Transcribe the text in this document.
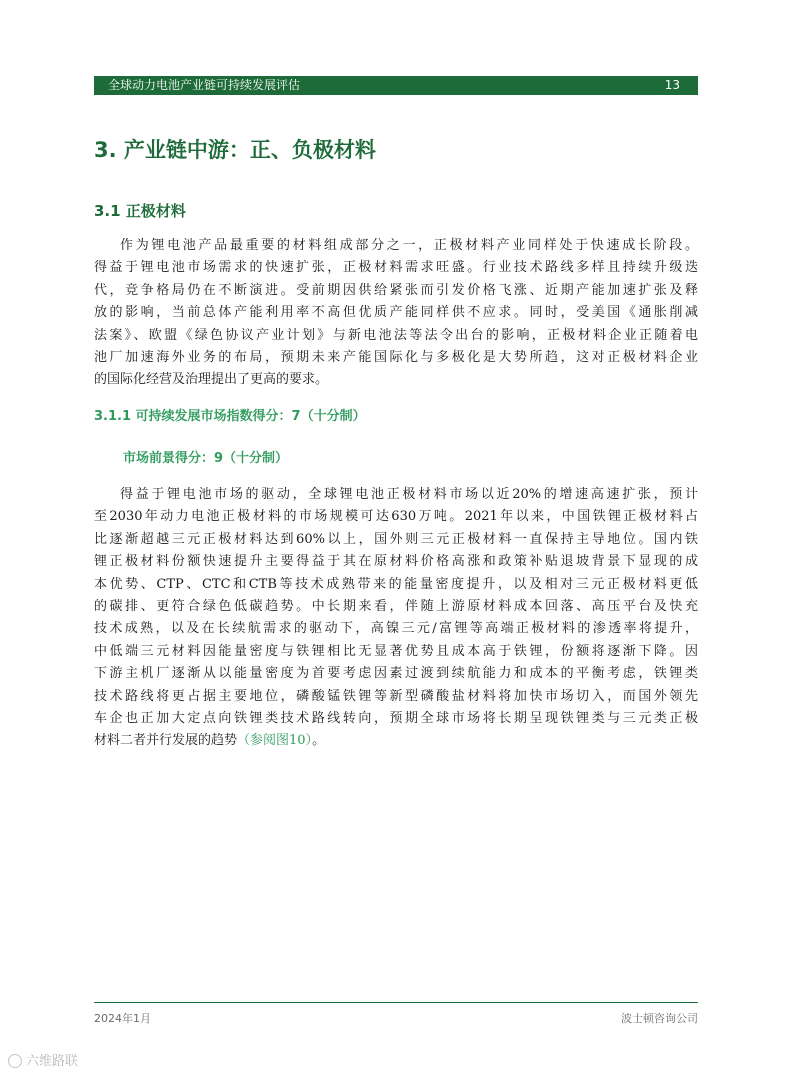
全球动力电池产业链可持续发展评估	13
3. 产业链中游：正、负极材料
3.1 正极材料
作为锂电池产品最重要的材料组成部分之一，正极材料产业同样处于快速成长阶段。
得益于锂电池市场需求的快速扩张，正极材料需求旺盛。行业技术路线多样且持续升级迭
代，竞争格局仍在不断演进。受前期因供给紧张而引发价格飞涨、近期产能加速扩张及释
放的影响，当前总体产能利用率不高但优质产能同样供不应求。同时，受美国《通胀削减
法案》、欧盟《绿色协议产业计划》与新电池法等法令出台的影响，正极材料企业正随着电
池厂加速海外业务的布局，预期未来产能国际化与多极化是大势所趋，这对正极材料企业
的国际化经营及治理提出了更高的要求。
3.1.1 可持续发展市场指数得分：7（十分制）
市场前景得分：9（十分制）
得益于锂电池市场的驱动，全球锂电池正极材料市场以近20%的增速高速扩张，预计
至2030年动力电池正极材料的市场规模可达630万吨。2021年以来，中国铁锂正极材料占
比逐渐超越三元正极材料达到60%以上，国外则三元正极材料一直保持主导地位。国内铁
锂正极材料份额快速提升主要得益于其在原材料价格高涨和政策补贴退坡背景下显现的成
本优势、CTP、CTC和CTB等技术成熟带来的能量密度提升，以及相对三元正极材料更低
的碳排、更符合绿色低碳趋势。中长期来看，伴随上游原材料成本回落、高压平台及快充
技术成熟，以及在长续航需求的驱动下，高镍三元/富锂等高端正极材料的渗透率将提升，
中低端三元材料因能量密度与铁锂相比无显著优势且成本高于铁锂，份额将逐渐下降。因
下游主机厂逐渐从以能量密度为首要考虑因素过渡到续航能力和成本的平衡考虑，铁锂类
技术路线将更占据主要地位，磷酸锰铁锂等新型磷酸盐材料将加快市场切入，而国外领先
车企也正加大定点向铁锂类技术路线转向，预期全球市场将长期呈现铁锂类与三元类正极
材料二者并行发展的趋势（参阅图10）。
2024年1月	波士顿咨询公司
六维路联
